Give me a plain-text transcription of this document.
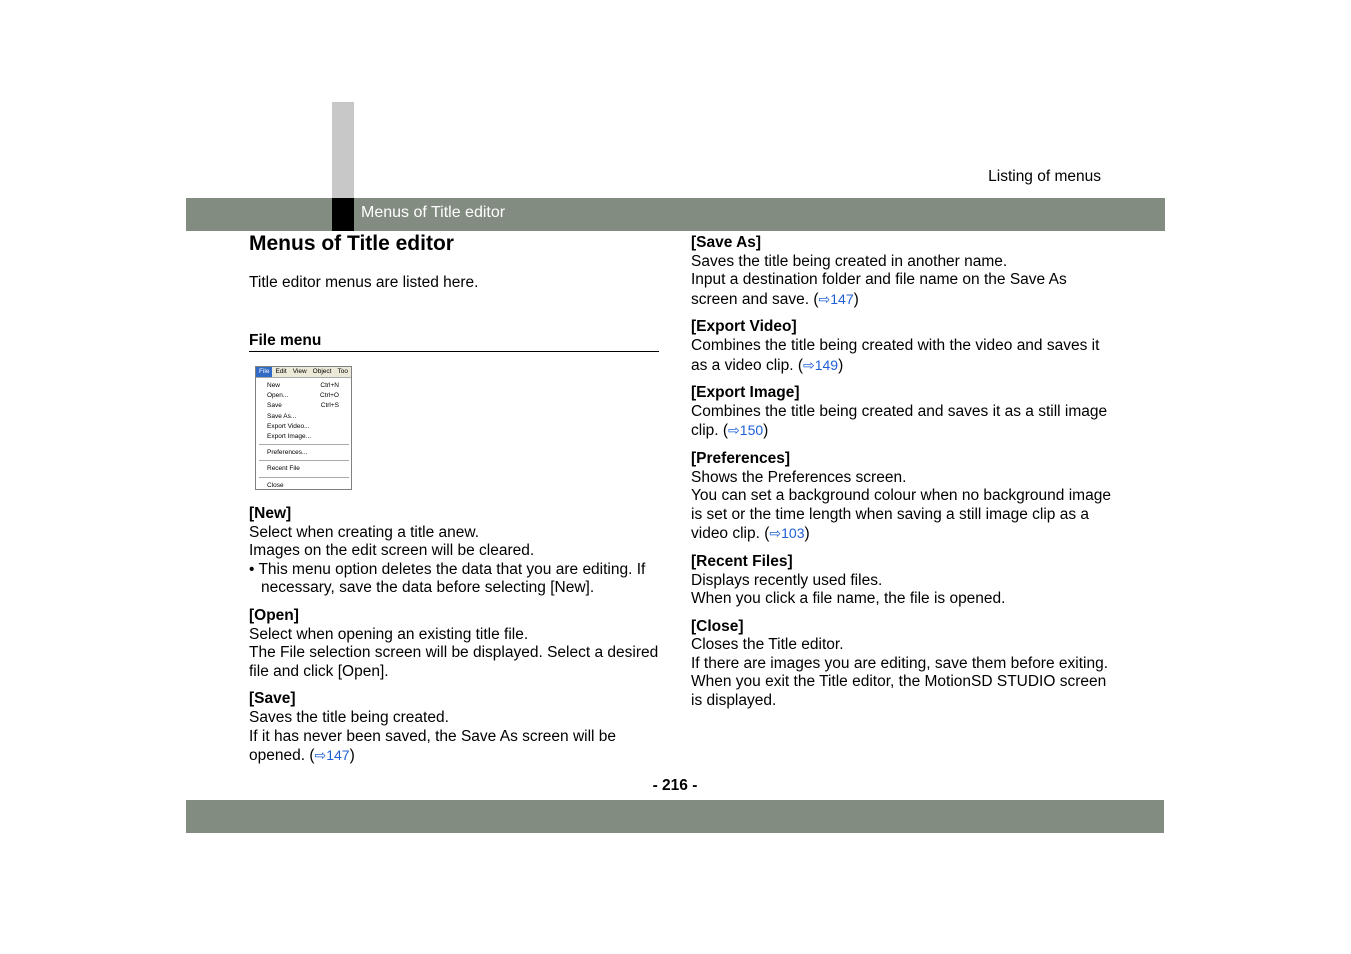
Menus of Title editor
Listing of menus
Menus of Title editor
Title editor menus are listed here.
File menu
File Edit View Object Too
New	Ctrl+N
Open...	Ctrl+O
Save	Ctrl+S
Save As...
Export Video...
Export Image...
Preferences...
Recent File
Close
[New]
Select when creating a title anew.
Images on the edit screen will be cleared.
• This menu option deletes the data that you are editing. If necessary, save the data before selecting [New].
[Open]
Select when opening an existing title file.
The File selection screen will be displayed. Select a desired file and click [Open].
[Save]
Saves the title being created.
If it has never been saved, the Save As screen will be opened. (⇨147)
[Save As]
Saves the title being created in another name.
Input a destination folder and file name on the Save As screen and save. (⇨147)
[Export Video]
Combines the title being created with the video and saves it as a video clip. (⇨149)
[Export Image]
Combines the title being created and saves it as a still image clip. (⇨150)
[Preferences]
Shows the Preferences screen.
You can set a background colour when no background image is set or the time length when saving a still image clip as a video clip. (⇨103)
[Recent Files]
Displays recently used files.
When you click a file name, the file is opened.
[Close]
Closes the Title editor.
If there are images you are editing, save them before exiting.
When you exit the Title editor, the MotionSD STUDIO screen is displayed.
- 216 -
